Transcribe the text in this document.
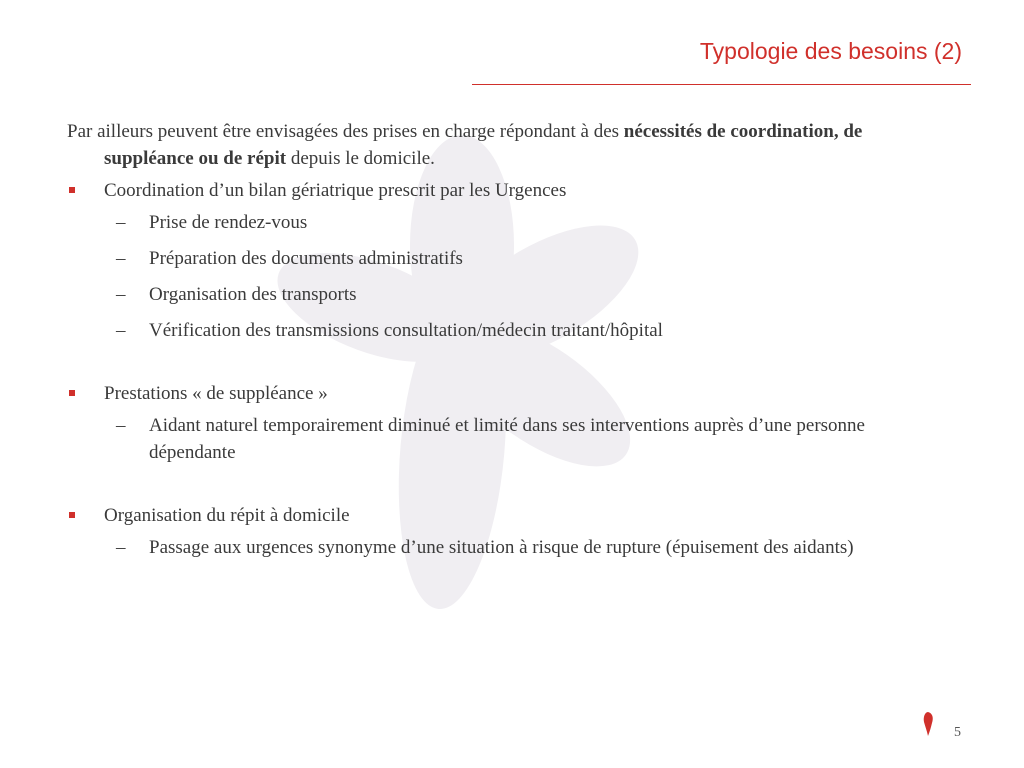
Typologie des besoins (2)

Par ailleurs peuvent être envisagées des prises en charge répondant à des nécessités de coordination, de suppléance ou de répit depuis le domicile.

Coordination d’un bilan gériatrique prescrit par les Urgences
– Prise de rendez-vous
– Préparation des documents administratifs
– Organisation des transports
– Vérification des transmissions consultation/médecin traitant/hôpital
Prestations « de suppléance »
– Aidant naturel temporairement diminué et limité dans ses interventions auprès d’une personne dépendante
Organisation du répit à domicile
– Passage aux urgences synonyme d’une situation à risque de rupture (épuisement des aidants)
5
